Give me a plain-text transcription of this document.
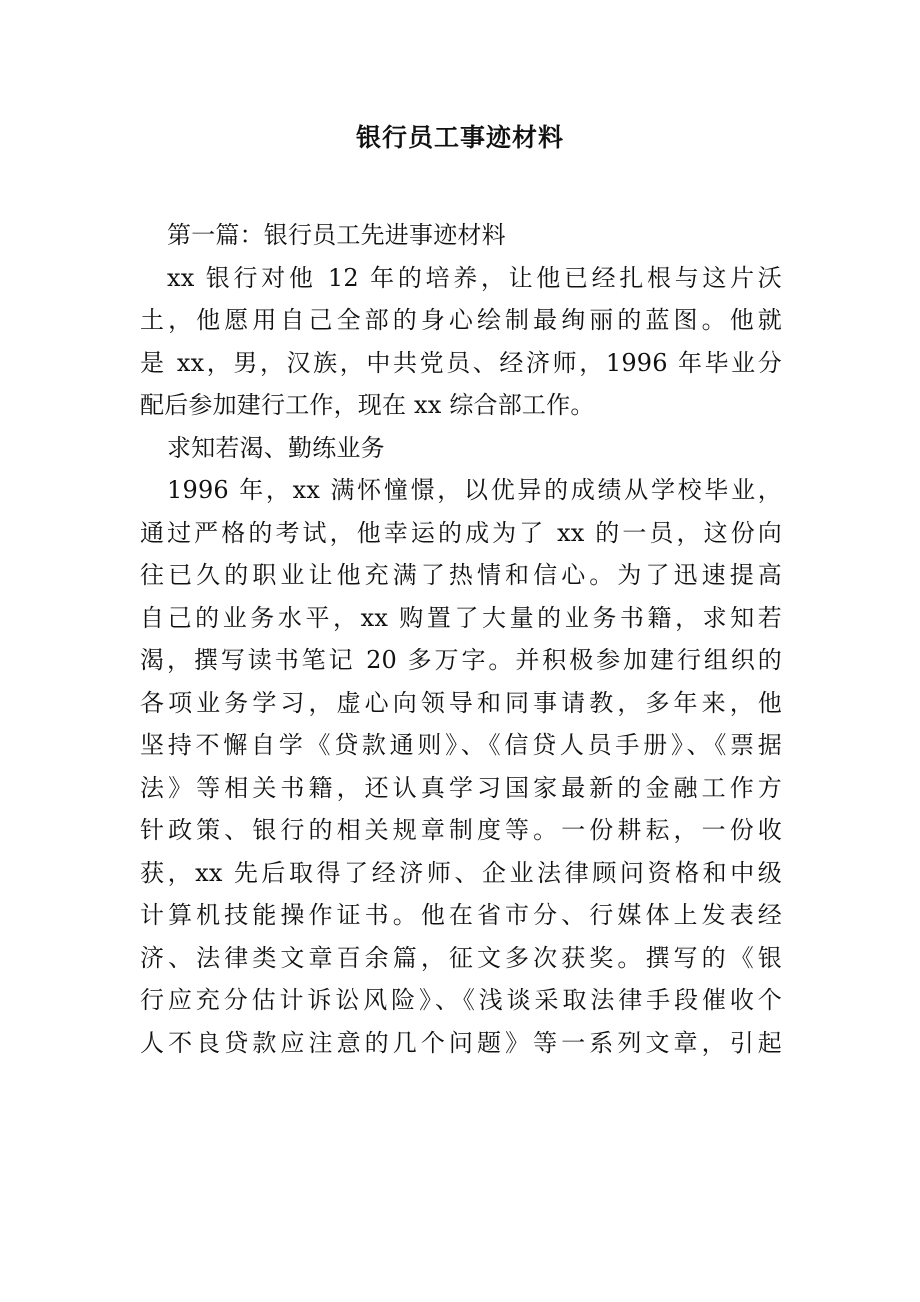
银行员工事迹材料
第一篇：银行员工先进事迹材料
xx 银行对他 12 年的培养，让他已经扎根与这片沃
土，他愿用自己全部的身心绘制最绚丽的蓝图。他就
是 xx，男，汉族，中共党员、经济师，1996 年毕业分
配后参加建行工作，现在 xx 综合部工作。
求知若渴、勤练业务
1996 年，xx 满怀憧憬，以优异的成绩从学校毕业，
通过严格的考试，他幸运的成为了 xx 的一员，这份向
往已久的职业让他充满了热情和信心。为了迅速提高
自己的业务水平，xx 购置了大量的业务书籍，求知若
渴，撰写读书笔记 20 多万字。并积极参加建行组织的
各项业务学习，虚心向领导和同事请教，多年来，他
坚持不懈自学《贷款通则》、《信贷人员手册》、《票据
法》等相关书籍，还认真学习国家最新的金融工作方
针政策、银行的相关规章制度等。一份耕耘，一份收
获，xx 先后取得了经济师、企业法律顾问资格和中级
计算机技能操作证书。他在省市分、行媒体上发表经
济、法律类文章百余篇，征文多次获奖。撰写的《银
行应充分估计诉讼风险》、《浅谈采取法律手段催收个
人不良贷款应注意的几个问题》等一系列文章，引起
